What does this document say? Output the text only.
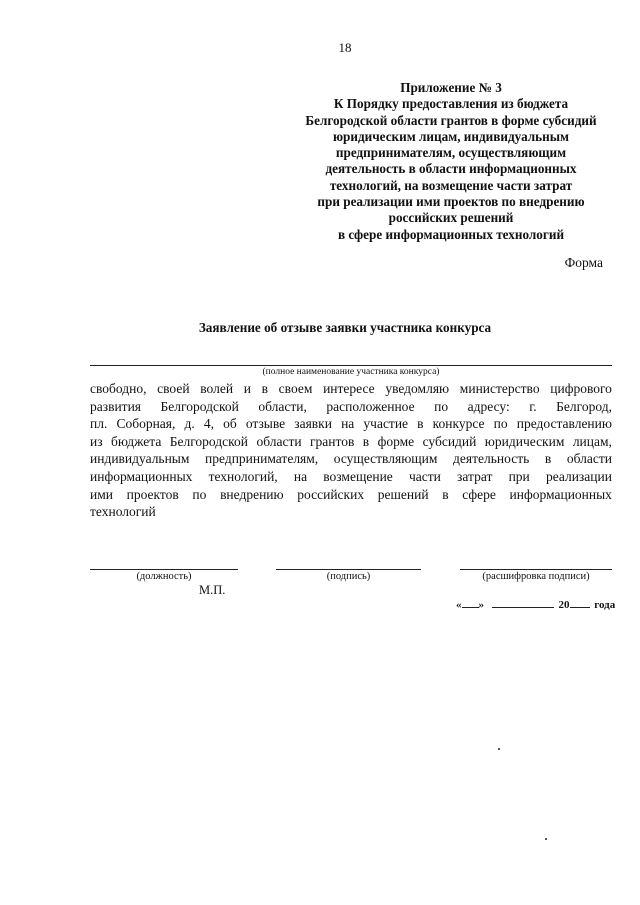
18
Приложение № 3
К Порядку предоставления из бюджета
Белгородской области грантов в форме субсидий
юридическим лицам, индивидуальным
предпринимателям, осуществляющим
деятельность в области информационных
технологий, на возмещение части затрат
при реализации ими проектов по внедрению
российских решений
в сфере информационных технологий
Форма
Заявление об отзыве заявки участника конкурса
(полное наименование участника конкурса)
свободно, своей волей и в своем интересе уведомляю министерство цифрового
развития Белгородской области, расположенное по адресу: г. Белгород,
пл. Соборная, д. 4, об отзыве заявки на участие в конкурсе по предоставлению
из бюджета Белгородской области грантов в форме субсидий юридическим лицам,
индивидуальным предпринимателям, осуществляющим деятельность в области
информационных технологий, на возмещение части затрат при реализации
ими проектов по внедрению российских решений в сфере информационных
технологий
(должность)	(подпись)	(расшифровка подписи)
М.П.
« »	20 года
